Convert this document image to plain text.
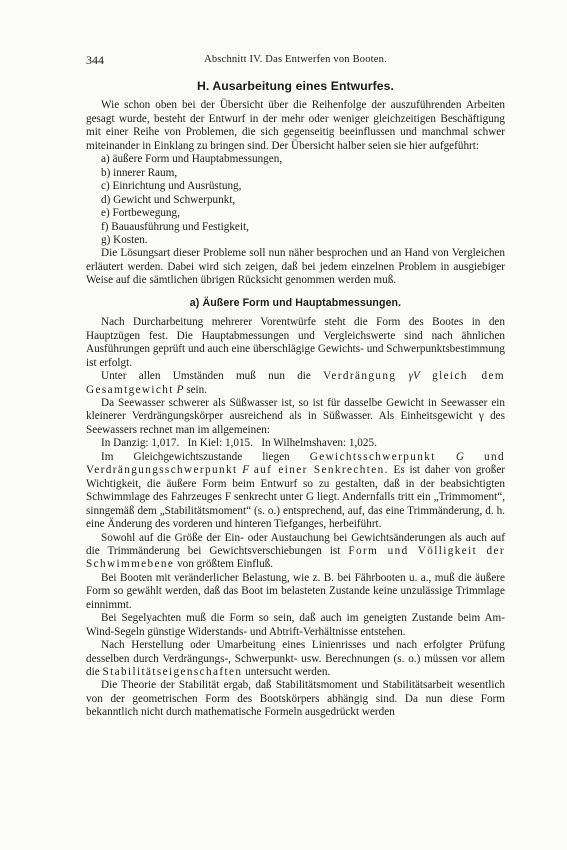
344	Abschnitt IV. Das Entwerfen von Booten.
H. Ausarbeitung eines Entwurfes.

Wie schon oben bei der Übersicht über die Reihenfolge der auszuführenden Arbeiten gesagt wurde, besteht der Entwurf in der mehr oder weniger gleichzeitigen Beschäftigung mit einer Reihe von Problemen, die sich gegenseitig beeinflussen und manchmal schwer miteinander in Einklang zu bringen sind. Der Übersicht halber seien sie hier aufgeführt:

a) äußere Form und Hauptabmessungen,
b) innerer Raum,
c) Einrichtung und Ausrüstung,
d) Gewicht und Schwerpunkt,
e) Fortbewegung,
f) Bauausführung und Festigkeit,
g) Kosten.

Die Lösungsart dieser Probleme soll nun näher besprochen und an Hand von Vergleichen erläutert werden. Dabei wird sich zeigen, daß bei jedem einzelnen Problem in ausgiebiger Weise auf die sämtlichen übrigen Rücksicht genommen werden muß.

a) Äußere Form und Hauptabmessungen.

Nach Durcharbeitung mehrerer Vorentwürfe steht die Form des Bootes in den Hauptzügen fest. Die Hauptabmessungen und Vergleichswerte sind nach ähnlichen Ausführungen geprüft und auch eine überschlägige Gewichts- und Schwerpunktsbestimmung ist erfolgt.

Unter allen Umständen muß nun die Verdrängung γV gleich dem Gesamtgewicht P sein.

Da Seewasser schwerer als Süßwasser ist, so ist für dasselbe Gewicht in Seewasser ein kleinerer Verdrängungskörper ausreichend als in Süßwasser. Als Einheitsgewicht γ des Seewassers rechnet man im allgemeinen:

In Danzig: 1,017.   In Kiel: 1,015.   In Wilhelmshaven: 1,025.

Im Gleichgewichtszustande liegen Gewichtsschwerpunkt G und Verdrängungsschwerpunkt F auf einer Senkrechten. Es ist daher von großer Wichtigkeit, die äußere Form beim Entwurf so zu gestalten, daß in der beabsichtigten Schwimmlage des Fahrzeuges F senkrecht unter G liegt. Andernfalls tritt ein „Trimmoment“, sinngemäß dem „Stabilitätsmoment“ (s. o.) entsprechend, auf, das eine Trimmänderung, d. h. eine Änderung des vorderen und hinteren Tiefganges, herbeiführt.

Sowohl auf die Größe der Ein- oder Austauchung bei Gewichtsänderungen als auch auf die Trimmänderung bei Gewichtsverschiebungen ist Form und Völligkeit der Schwimmebene von größtem Einfluß.

Bei Booten mit veränderlicher Belastung, wie z. B. bei Fährbooten u. a., muß die äußere Form so gewählt werden, daß das Boot im belasteten Zustande keine unzulässige Trimmlage einnimmt.

Bei Segelyachten muß die Form so sein, daß auch im geneigten Zustande beim Am-Wind-Segeln günstige Widerstands- und Abtrift-Verhältnisse entstehen.

Nach Herstellung oder Umarbeitung eines Linienrisses und nach erfolgter Prüfung desselben durch Verdrängungs-, Schwerpunkt- usw. Berechnungen (s. o.) müssen vor allem die Stabilitätseigenschaften untersucht werden.

Die Theorie der Stabilität ergab, daß Stabilitätsmoment und Stabilitätsarbeit wesentlich von der geometrischen Form des Bootskörpers abhängig sind. Da nun diese Form bekanntlich nicht durch mathematische Formeln ausgedrückt werden
